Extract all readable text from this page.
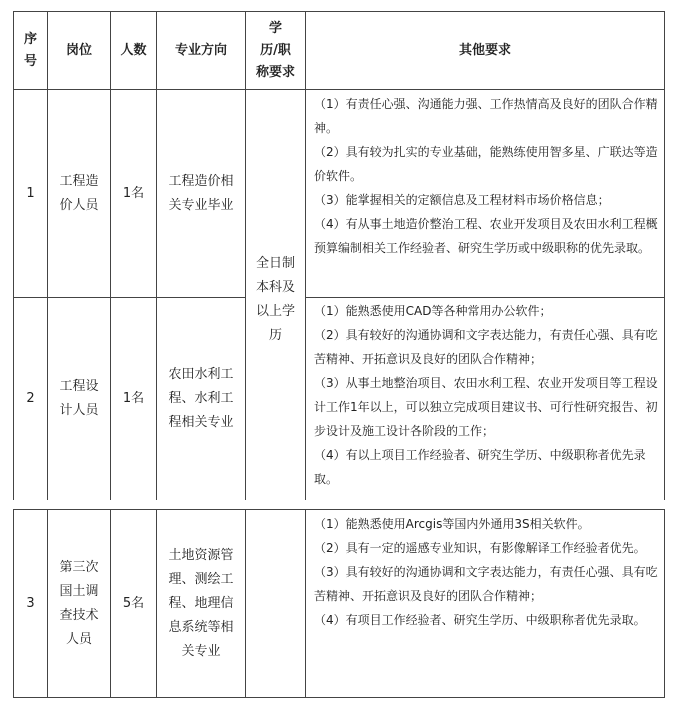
序
号
岗位	人数	专业方向
学
历/职
称要求
其他要求
1
工程造
价人员
1名
工程造价相
关专业毕业

（1）有责任心强、沟通能力强、工作热情高及良好的团队合作精神。

（2）具有较为扎实的专业基础，能熟练使用智多星、广联达等造价软件。

（3）能掌握相关的定额信息及工程材料市场价格信息；

（4）有从事土地造价整治工程、农业开发项目及农田水利工程概预算编制相关工作经验者、研究生学历或中级职称的优先录取。

全日制
本科及
以上学
历
2
工程设
计人员
1名
农田水利工
程、水利工
程相关专业

（1）能熟悉使用CAD等各种常用办公软件；

（2）具有较好的沟通协调和文字表达能力，有责任心强、具有吃苦精神、开拓意识及良好的团队合作精神；

（3）从事土地整治项目、农田水利工程、农业开发项目等工程设计工作1年以上，可以独立完成项目建议书、可行性研究报告、初步设计及施工设计各阶段的工作；

（4）有以上项目工作经验者、研究生学历、中级职称者优先录取。

3
第三次
国土调
查技术
人员
5名
土地资源管
理、测绘工
程、地理信
息系统等相
关专业

（1）能熟悉使用Arcgis等国内外通用3S相关软件。

（2）具有一定的遥感专业知识，有影像解译工作经验者优先。

（3）具有较好的沟通协调和文字表达能力，有责任心强、具有吃苦精神、开拓意识及良好的团队合作精神；

（4）有项目工作经验者、研究生学历、中级职称者优先录取。
